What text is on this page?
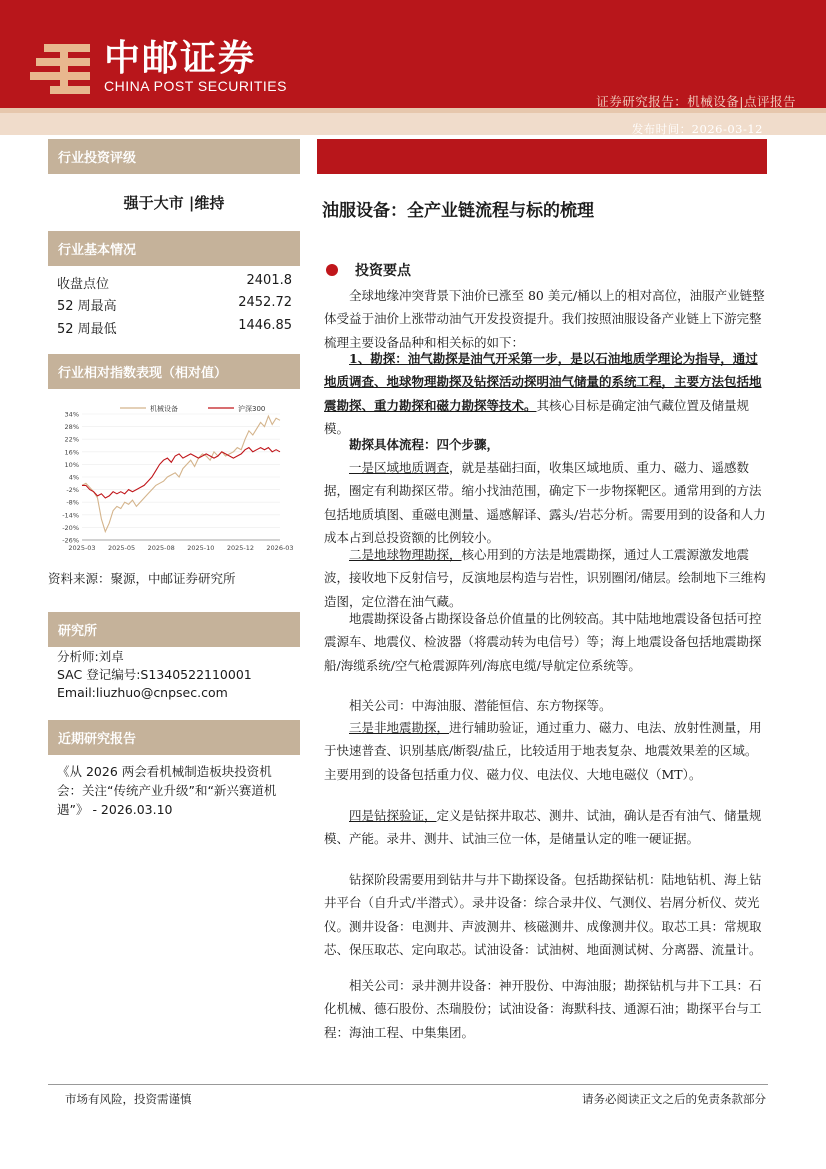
中邮证券
CHINA POST SECURITIES
证券研究报告：机械设备|点评报告
发布时间：2026-03-12
行业投资评级
强于大市 |维持
行业基本情况
收盘点位	2401.8
52 周最高	2452.72
52 周最低	1446.85
行业相对指数表现（相对值）
34%
28%
22%
16%
10%
4%
-2%
-8%
-14%
-20%
-26%
2025-03 2025-05 2025-08 2025-10 2025-12 2026-03
机械设备	沪深300
资料来源：聚源，中邮证券研究所
研究所
分析师:刘卓
SAC 登记编号:S1340522110001
Email:liuzhuo@cnpsec.com
近期研究报告
《从 2026 两会看机械制造板块投资机会：关注“传统产业升级”和“新兴赛道机遇”》 - 2026.03.10
油服设备：全产业链流程与标的梳理
投资要点
全球地缘冲突背景下油价已涨至 80 美元/桶以上的相对高位，油服产业链整体受益于油价上涨带动油气开发投资提升。我们按照油服设备产业链上下游完整梳理主要设备品种和相关标的如下：
1、勘探：油气勘探是油气开采第一步，是以石油地质学理论为指导，通过地质调查、地球物理勘探及钻探活动探明油气储量的系统工程，主要方法包括地震勘探、重力勘探和磁力勘探等技术。其核心目标是确定油气藏位置及储量规模。
勘探具体流程：四个步骤，
一是区域地质调查，就是基础扫面，收集区域地质、重力、磁力、遥感数据，圈定有利勘探区带。缩小找油范围，确定下一步物探靶区。通常用到的方法包括地质填图、重磁电测量、遥感解译、露头/岩芯分析。需要用到的设备和人力成本占到总投资额的比例较小。
二是地球物理勘探，核心用到的方法是地震勘探，通过人工震源激发地震波，接收地下反射信号，反演地层构造与岩性，识别圈闭/储层。绘制地下三维构造图，定位潜在油气藏。
地震勘探设备占勘探设备总价值量的比例较高。其中陆地地震设备包括可控震源车、地震仪、检波器（将震动转为电信号）等；海上地震设备包括地震勘探船/海缆系统/空气枪震源阵列/海底电缆/导航定位系统等。
相关公司：中海油服、潜能恒信、东方物探等。
三是非地震勘探，进行辅助验证，通过重力、磁力、电法、放射性测量，用于快速普查、识别基底/断裂/盐丘，比较适用于地表复杂、地震效果差的区域。主要用到的设备包括重力仪、磁力仪、电法仪、大地电磁仪（MT）。
四是钻探验证，定义是钻探井取芯、测井、试油，确认是否有油气、储量规模、产能。录井、测井、试油三位一体，是储量认定的唯一硬证据。
钻探阶段需要用到钻井与井下勘探设备。包括勘探钻机：陆地钻机、海上钻井平台（自升式/半潜式）。录井设备：综合录井仪、气测仪、岩屑分析仪、荧光仪。测井设备：电测井、声波测井、核磁测井、成像测井仪。取芯工具：常规取芯、保压取芯、定向取芯。试油设备：试油树、地面测试树、分离器、流量计。
相关公司：录井测井设备：神开股份、中海油服；勘探钻机与井下工具：石化机械、德石股份、杰瑞股份；试油设备：海默科技、通源石油；勘探平台与工程：海油工程、中集集团。
市场有风险，投资需谨慎	请务必阅读正文之后的免责条款部分
